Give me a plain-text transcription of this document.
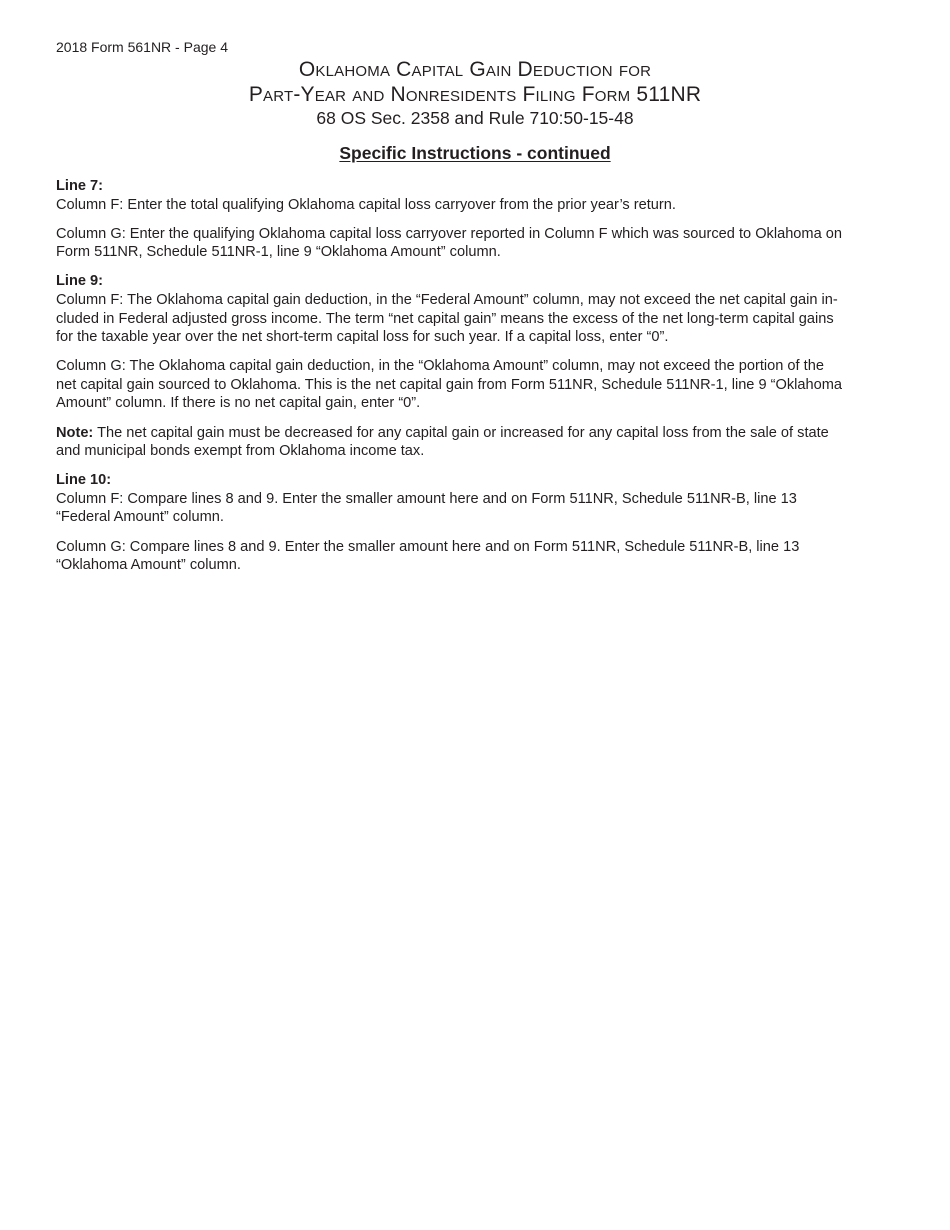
2018 Form 561NR - Page 4
Oklahoma Capital Gain Deduction for
Part-Year and Nonresidents Filing Form 511NR
68 OS Sec. 2358 and Rule 710:50-15-48
Specific Instructions - continued
Line 7:

Column F: Enter the total qualifying Oklahoma capital loss carryover from the prior year’s return.

Column G: Enter the qualifying Oklahoma capital loss carryover reported in Column F which was sourced to Oklahoma on
Form 511NR, Schedule 511NR-1, line 9 “Oklahoma Amount” column.

Line 9:

Column F: The Oklahoma capital gain deduction, in the “Federal Amount” column, may not exceed the net capital gain in-
cluded in Federal adjusted gross income. The term “net capital gain” means the excess of the net long-term capital gains
for the taxable year over the net short-term capital loss for such year. If a capital loss, enter “0”.

Column G: The Oklahoma capital gain deduction, in the “Oklahoma Amount” column, may not exceed the portion of the
net capital gain sourced to Oklahoma. This is the net capital gain from Form 511NR, Schedule 511NR-1, line 9 “Oklahoma
Amount” column. If there is no net capital gain, enter “0”.

Note: The net capital gain must be decreased for any capital gain or increased for any capital loss from the sale of state
and municipal bonds exempt from Oklahoma income tax.

Line 10:

Column F: Compare lines 8 and 9. Enter the smaller amount here and on Form 511NR, Schedule 511NR-B, line 13
“Federal Amount” column.

Column G: Compare lines 8 and 9. Enter the smaller amount here and on Form 511NR, Schedule 511NR-B, line 13
“Oklahoma Amount” column.
